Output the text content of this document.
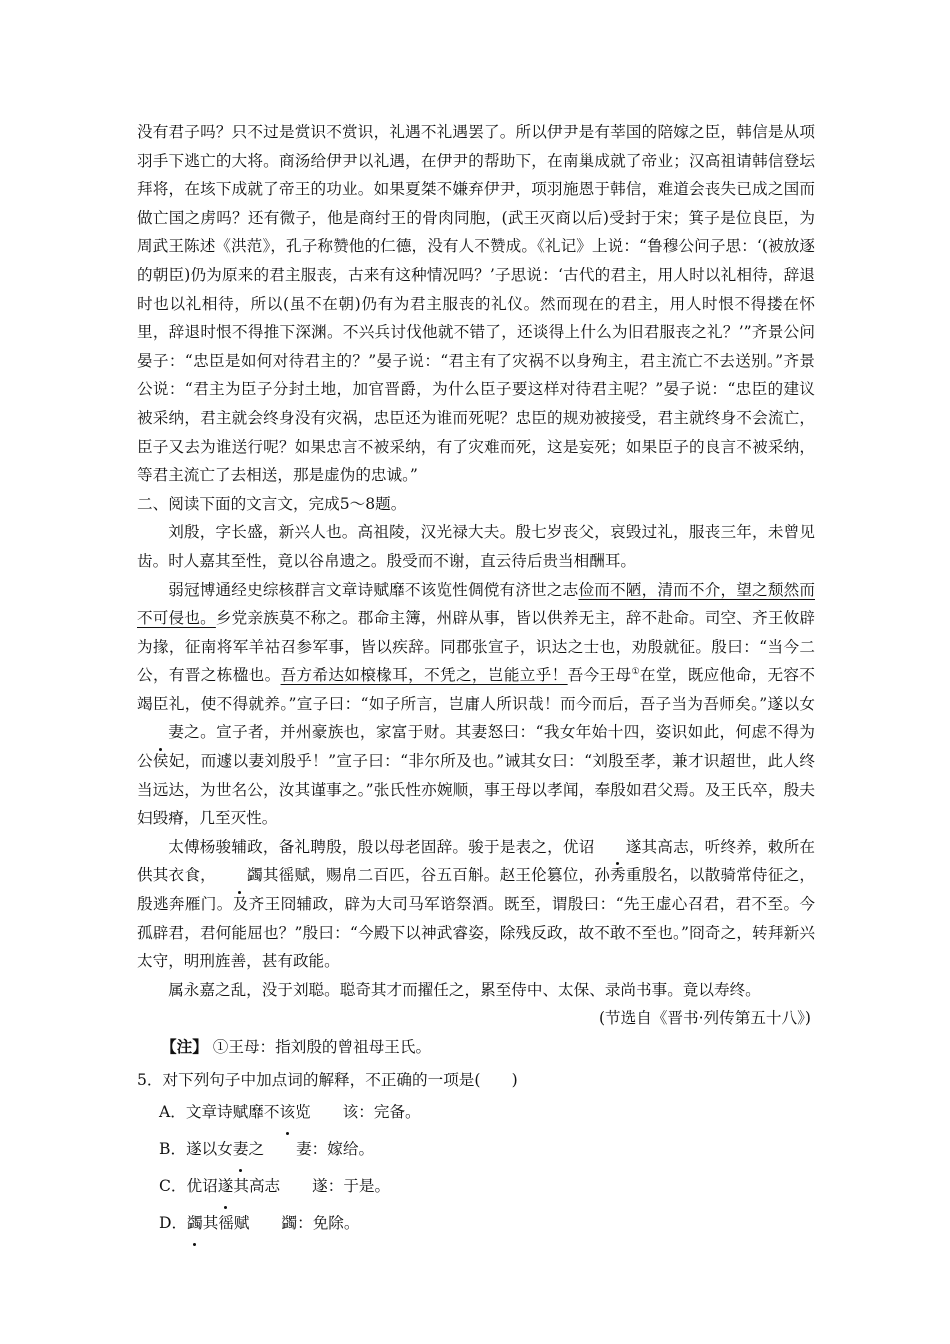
没有君子吗？只不过是赏识不赏识，礼遇不礼遇罢了。所以伊尹是有莘国的陪嫁之臣，韩信是从项羽手下逃亡的大将。商汤给伊尹以礼遇，在伊尹的帮助下，在南巢成就了帝业；汉高祖请韩信登坛拜将，在垓下成就了帝王的功业。如果夏桀不嫌弃伊尹，项羽施恩于韩信，难道会丧失已成之国而做亡国之虏吗？还有微子，他是商纣王的骨肉同胞，(武王灭商以后)受封于宋；箕子是位良臣，为周武王陈述《洪范》，孔子称赞他的仁德，没有人不赞成。《礼记》上说：“鲁穆公问子思：‘(被放逐的朝臣)仍为原来的君主服丧，古来有这种情况吗？’子思说：‘古代的君主，用人时以礼相待，辞退时也以礼相待，所以(虽不在朝)仍有为君主服丧的礼仪。然而现在的君主，用人时恨不得搂在怀里，辞退时恨不得推下深渊。不兴兵讨伐他就不错了，还谈得上什么为旧君服丧之礼？’”齐景公问晏子：“忠臣是如何对待君主的？”晏子说：“君主有了灾祸不以身殉主，君主流亡不去送别。”齐景公说：“君主为臣子分封土地，加官晋爵，为什么臣子要这样对待君主呢？”晏子说：“忠臣的建议被采纳，君主就会终身没有灾祸，忠臣还为谁而死呢？忠臣的规劝被接受，君主就终身不会流亡，臣子又去为谁送行呢？如果忠言不被采纳，有了灾难而死，这是妄死；如果臣子的良言不被采纳，等君主流亡了去相送，那是虚伪的忠诚。”

二、阅读下面的文言文，完成5～8题。

刘殷，字长盛，新兴人也。高祖陵，汉光禄大夫。殷七岁丧父，哀毁过礼，服丧三年，未曾见齿。时人嘉其至性，竟以谷帛遗之。殷受而不谢，直云待后贵当相酬耳。

弱冠博通经史综核群言文章诗赋靡不该览性倜傥有济世之志俭而不陋，清而不介，望之颓然而不可侵也。乡党亲族莫不称之。郡命主簿，州辟从事，皆以供养无主，辞不赴命。司空、齐王攸辟为掾，征南将军羊祜召参军事，皆以疾辞。同郡张宣子，识达之士也，劝殷就征。殷曰：“当今二公，有晋之栋楹也。吾方希达如榱椽耳，不凭之，岂能立乎！吾今王母①在堂，既应他命，无容不竭臣礼，使不得就养。”宣子曰：“如子所言，岂庸人所识哉！而今而后，吾子当为吾师矣。”遂以女妻之。宣子者，并州豪族也，家富于财。其妻怒曰：“我女年始十四，姿识如此，何虑不得为公侯妃，而遽以妻刘殷乎！”宣子曰：“非尔所及也。”诫其女曰：“刘殷至孝，兼才识超世，此人终当远达，为世名公，汝其谨事之。”张氏性亦婉顺，事王母以孝闻，奉殷如君父焉。及王氏卒，殷夫妇毁瘠，几至灭性。

太傅杨骏辅政，备礼聘殷，殷以母老固辞。骏于是表之，优诏 遂其高志，听终养，敕所在供其衣食， 蠲其徭赋，赐帛二百匹，谷五百斛。赵王伦篡位，孙秀重殷名，以散骑常侍征之，殷逃奔雁门。及齐王冏辅政，辟为大司马军谘祭酒。既至，谓殷曰：“先王虚心召君，君不至。今孤辟君，君何能屈也？”殷曰：“今殿下以神武睿姿，除残反政，故不敢不至也。”冏奇之，转拜新兴太守，明刑旌善，甚有政能。

属永嘉之乱，没于刘聪。聪奇其才而擢任之，累至侍中、太保、录尚书事。竟以寿终。

(节选自《晋书·列传第五十八》)

【注】 ①王母：指刘殷的曾祖母王氏。

5．对下列句子中加点词的解释，不正确的一项是(　　)

A．文章诗赋靡不该览 该：完备。

B．遂以女妻之 妻：嫁给。

C．优诏遂其高志 遂：于是。

D．蠲其徭赋 蠲：免除。
